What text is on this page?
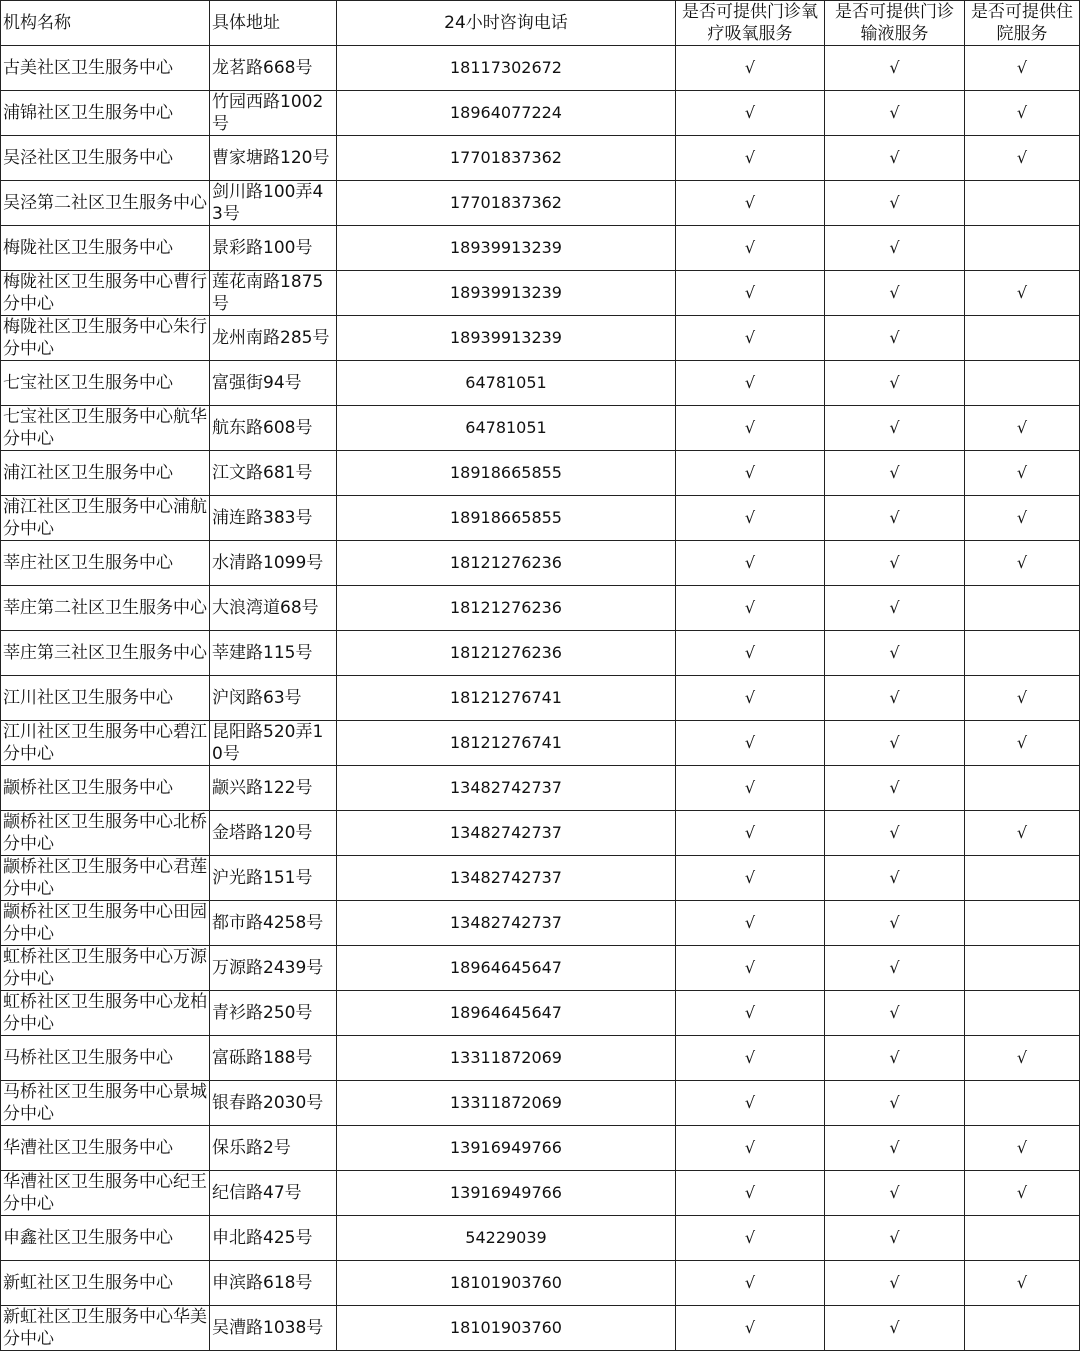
机构名称	具体地址	24小时咨询电话	是否可提供门诊氧疗吸氧服务	是否可提供门诊输液服务	是否可提供住院服务
古美社区卫生服务中心	龙茗路668号	18117302672	√	√	√
浦锦社区卫生服务中心	竹园西路1002号	18964077224	√	√	√
吴泾社区卫生服务中心	曹家塘路120号	17701837362	√	√	√
吴泾第二社区卫生服务中心	剑川路100弄43号	17701837362	√	√	
梅陇社区卫生服务中心	景彩路100号	18939913239	√	√	
梅陇社区卫生服务中心曹行分中心	莲花南路1875号	18939913239	√	√	√
梅陇社区卫生服务中心朱行分中心	龙州南路285号	18939913239	√	√	
七宝社区卫生服务中心	富强街94号	64781051	√	√	
七宝社区卫生服务中心航华分中心	航东路608号	64781051	√	√	√
浦江社区卫生服务中心	江文路681号	18918665855	√	√	√
浦江社区卫生服务中心浦航分中心	浦连路383号	18918665855	√	√	√
莘庄社区卫生服务中心	水清路1099号	18121276236	√	√	√
莘庄第二社区卫生服务中心	大浪湾道68号	18121276236	√	√	
莘庄第三社区卫生服务中心	莘建路115号	18121276236	√	√	
江川社区卫生服务中心	沪闵路63号	18121276741	√	√	√
江川社区卫生服务中心碧江分中心	昆阳路520弄10号	18121276741	√	√	√
颛桥社区卫生服务中心	颛兴路122号	13482742737	√	√	
颛桥社区卫生服务中心北桥分中心	金塔路120号	13482742737	√	√	√
颛桥社区卫生服务中心君莲分中心	沪光路151号	13482742737	√	√	
颛桥社区卫生服务中心田园分中心	都市路4258号	13482742737	√	√	
虹桥社区卫生服务中心万源分中心	万源路2439号	18964645647	√	√	
虹桥社区卫生服务中心龙柏分中心	青衫路250号	18964645647	√	√	
马桥社区卫生服务中心	富砾路188号	13311872069	√	√	√
马桥社区卫生服务中心景城分中心	银春路2030号	13311872069	√	√	
华漕社区卫生服务中心	保乐路2号	13916949766	√	√	√
华漕社区卫生服务中心纪王分中心	纪信路47号	13916949766	√	√	√
申鑫社区卫生服务中心	申北路425号	54229039	√	√	
新虹社区卫生服务中心	申滨路618号	18101903760	√	√	√
新虹社区卫生服务中心华美分中心	吴漕路1038号	18101903760	√	√	
